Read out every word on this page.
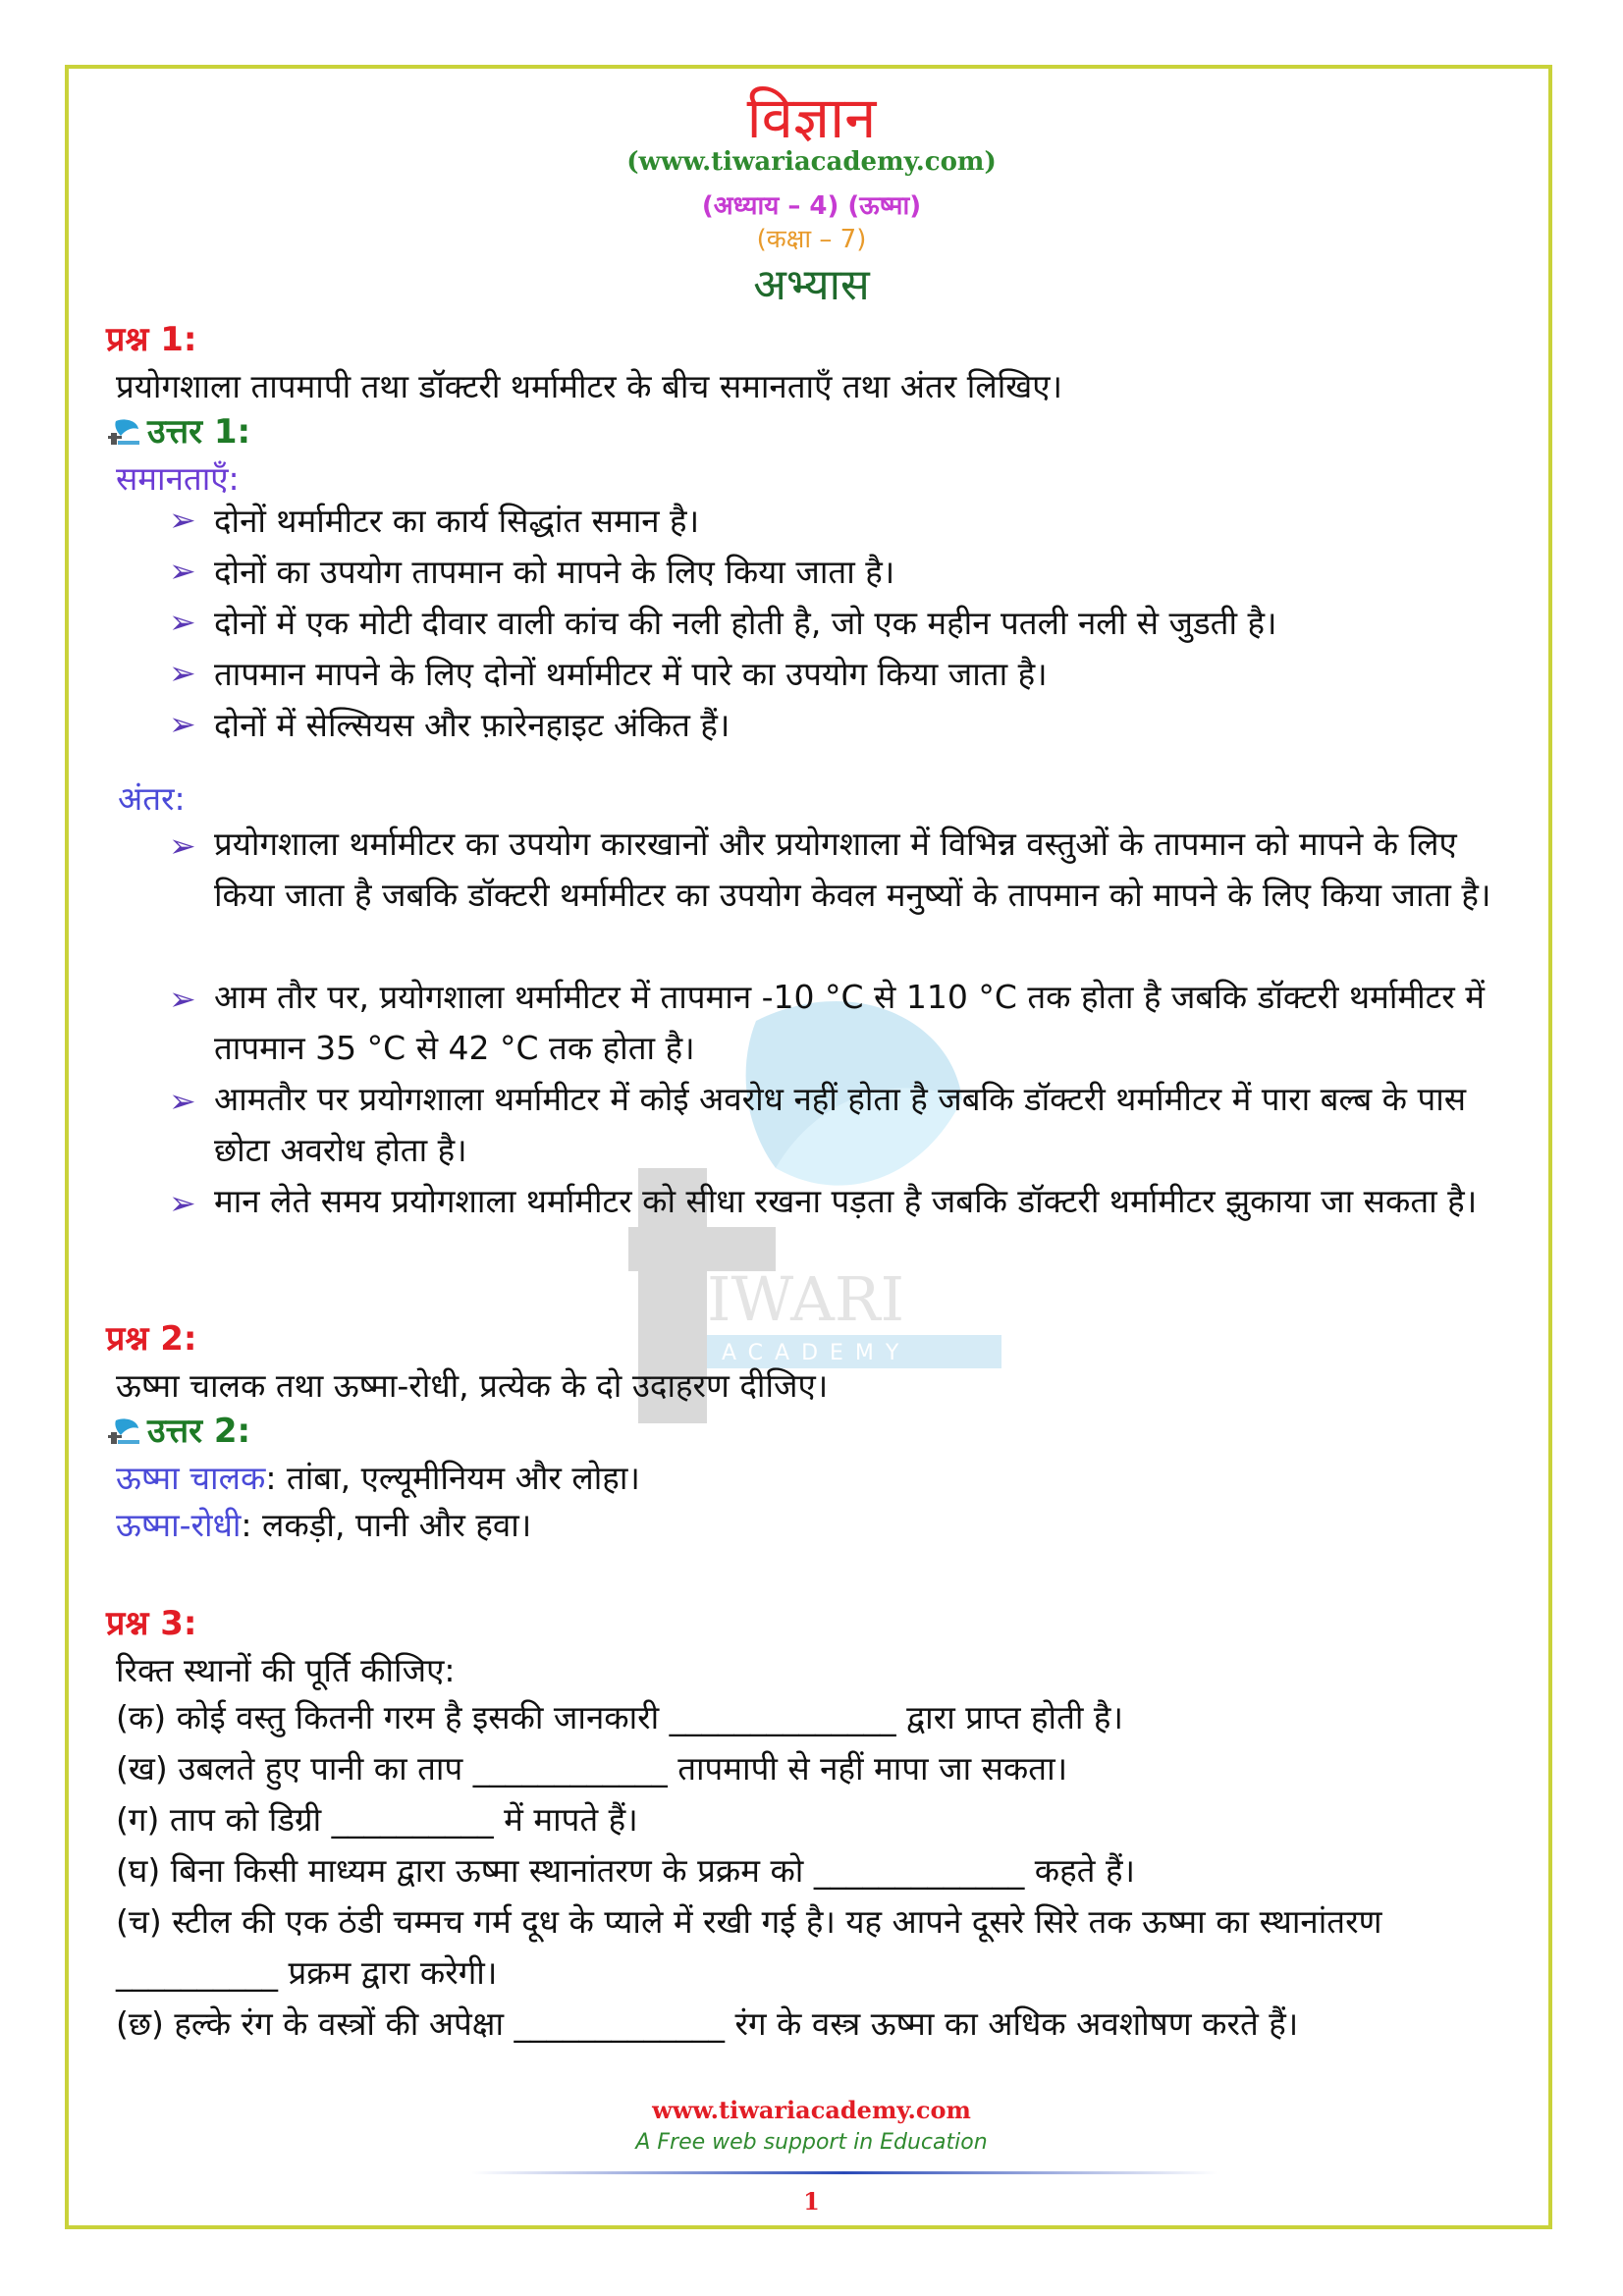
IWARI
ACADEMY
विज्ञान
(www.tiwariacademy.com)
(अध्याय – 4) (ऊष्मा)
(कक्षा – 7)
अभ्यास
प्रश्न 1:
प्रयोगशाला तापमापी तथा डॉक्टरी थर्मामीटर के बीच समानताएँ तथा अंतर लिखिए।
उत्तर 1:
समानताएँ:
➢ दोनों थर्मामीटर का कार्य सिद्धांत समान है।
➢ दोनों का उपयोग तापमान को मापने के लिए किया जाता है।
➢ दोनों में एक मोटी दीवार वाली कांच की नली होती है, जो एक महीन पतली नली से जुडती है।
➢ तापमान मापने के लिए दोनों थर्मामीटर में पारे का उपयोग किया जाता है।
➢ दोनों में सेल्सियस और फ़ारेनहाइट अंकित हैं।
अंतर:
➢ प्रयोगशाला थर्मामीटर का उपयोग कारखानों और प्रयोगशाला में विभिन्न वस्तुओं के तापमान को मापने के लिए किया जाता है जबकि डॉक्टरी थर्मामीटर का उपयोग केवल मनुष्यों के तापमान को मापने के लिए किया जाता है।
➢ आम तौर पर, प्रयोगशाला थर्मामीटर में तापमान -10 °C से 110 °C तक होता है जबकि डॉक्टरी थर्मामीटर में तापमान 35 °C से 42 °C तक होता है।
➢ आमतौर पर प्रयोगशाला थर्मामीटर में कोई अवरोध नहीं होता है जबकि डॉक्टरी थर्मामीटर में पारा बल्ब के पास छोटा अवरोध होता है।
➢ मान लेते समय प्रयोगशाला थर्मामीटर को सीधा रखना पड़ता है जबकि डॉक्टरी थर्मामीटर झुकाया जा सकता है।
प्रश्न 2:
ऊष्मा चालक तथा ऊष्मा-रोधी, प्रत्येक के दो उदाहरण दीजिए।
उत्तर 2:
ऊष्मा चालक: तांबा, एल्यूमीनियम और लोहा।
ऊष्मा-रोधी: लकड़ी, पानी और हवा।
प्रश्न 3:
रिक्त स्थानों की पूर्ति कीजिए:
(क) कोई वस्तु कितनी गरम है इसकी जानकारी ______________ द्वारा प्राप्त होती है।
(ख) उबलते हुए पानी का ताप ____________ तापमापी से नहीं मापा जा सकता।
(ग) ताप को डिग्री __________ में मापते हैं।
(घ) बिना किसी माध्यम द्वारा ऊष्मा स्थानांतरण के प्रक्रम को _____________ कहते हैं।
(च) स्टील की एक ठंडी चम्मच गर्म दूध के प्याले में रखी गई है। यह आपने दूसरे सिरे तक ऊष्मा का स्थानांतरण
__________ प्रक्रम द्वारा करेगी।
(छ) हल्के रंग के वस्त्रों की अपेक्षा _____________ रंग के वस्त्र ऊष्मा का अधिक अवशोषण करते हैं।
www.tiwariacademy.com
A Free web support in Education
1
